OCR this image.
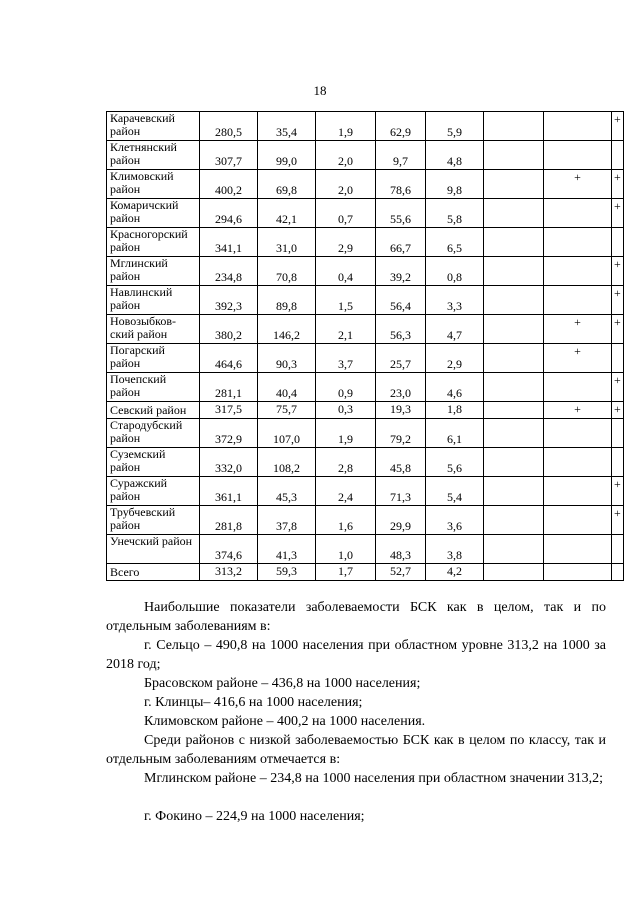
18
Карачевский район	280,5	35,4	1,9	62,9	5,9			+
Клетнянский район	307,7	99,0	2,0	9,7	4,8			
Климовский район	400,2	69,8	2,0	78,6	9,8		+	+
Комаричский район	294,6	42,1	0,7	55,6	5,8			+
Красногорский район	341,1	31,0	2,9	66,7	6,5			
Мглинский район	234,8	70,8	0,4	39,2	0,8			+
Навлинский район	392,3	89,8	1,5	56,4	3,3			+
Новозыбков-ский район	380,2	146,2	2,1	56,3	4,7		+	+
Погарский район	464,6	90,3	3,7	25,7	2,9		+	
Почепский район	281,1	40,4	0,9	23,0	4,6			+
Севский район	317,5	75,7	0,3	19,3	1,8		+	+
Стародубский район	372,9	107,0	1,9	79,2	6,1			
Суземский район	332,0	108,2	2,8	45,8	5,6			
Суражский район	361,1	45,3	2,4	71,3	5,4			+
Трубчевский район	281,8	37,8	1,6	29,9	3,6			+
Унечский район	374,6	41,3	1,0	48,3	3,8			
Всего	313,2	59,3	1,7	52,7	4,2			

Наибольшие показатели заболеваемости БСК как в целом, так и по отдельным заболеваниям в:

г. Сельцо – 490,8 на 1000 населения при областном уровне 313,2 на 1000 за 2018 год;

Брасовском районе – 436,8 на 1000 населения;

г. Клинцы– 416,6 на 1000 населения;

Климовском районе – 400,2 на 1000 населения.

Среди районов с низкой заболеваемостью БСК как в целом по классу, так и отдельным заболеваниям отмечается в:

Мглинском районе – 234,8 на 1000 населения при областном значении 313,2;

г. Фокино – 224,9 на 1000 населения;
